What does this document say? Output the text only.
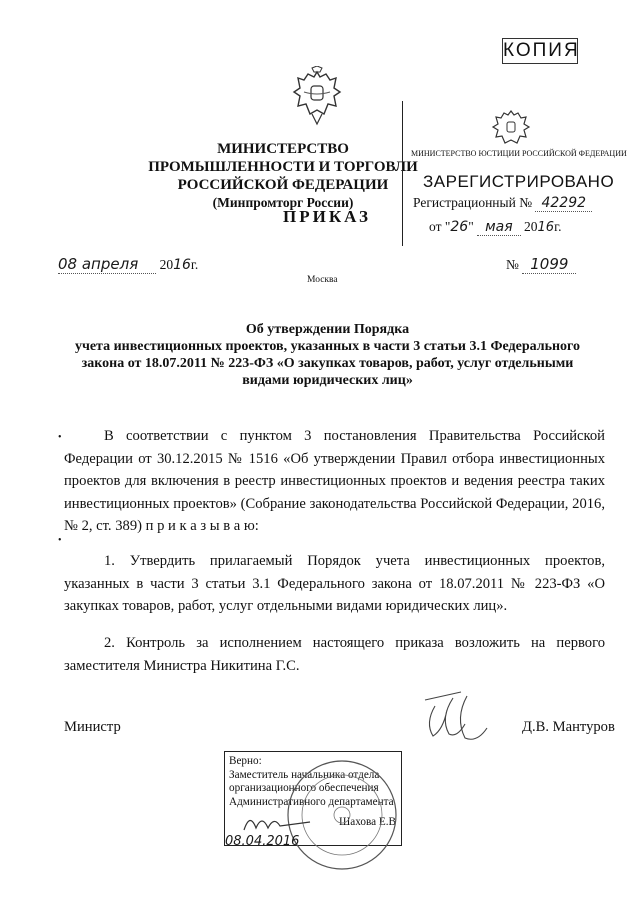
КОПИЯ
МИНИСТЕРСТВО ПРОМЫШЛЕННОСТИ И ТОРГОВЛИ
РОССИЙСКОЙ ФЕДЕРАЦИИ
(Минпромторг России)
ПРИКАЗ
МИНИСТЕРСТВО ЮСТИЦИИ РОССИЙСКОЙ ФЕДЕРАЦИИ
ЗАРЕГИСТРИРОВАНО
Регистрационный № 42292
от "26" мая 2016г.
08 апреля 2016г.	№ 1099
Москва
Об утверждении Порядка
учета инвестиционных проектов, указанных в части 3 статьи 3.1 Федерального
закона от 18.07.2011 № 223-ФЗ «О закупках товаров, работ, услуг отдельными
видами юридических лиц»
В соответствии с пунктом 3 постановления Правительства Российской Федерации от 30.12.2015 № 1516 «Об утверждении Правил отбора инвестиционных проектов для включения в реестр инвестиционных проектов и ведения реестра таких инвестиционных проектов» (Собрание законодательства Российской Федерации, 2016, № 2, ст. 389) п р и к а з ы в а ю:
1. Утвердить прилагаемый Порядок учета инвестиционных проектов, указанных в части 3 статьи 3.1 Федерального закона от 18.07.2011 № 223-ФЗ «О закупках товаров, работ, услуг отдельными видами юридических лиц».
2. Контроль за исполнением настоящего приказа возложить на первого заместителя Министра Никитина Г.С.
Министр	Д.В. Мантуров
Верно:
Заместитель начальника отдела
организационного обеспечения
Административного департамента
Шахова Е.В
08.04.2016
•
•
